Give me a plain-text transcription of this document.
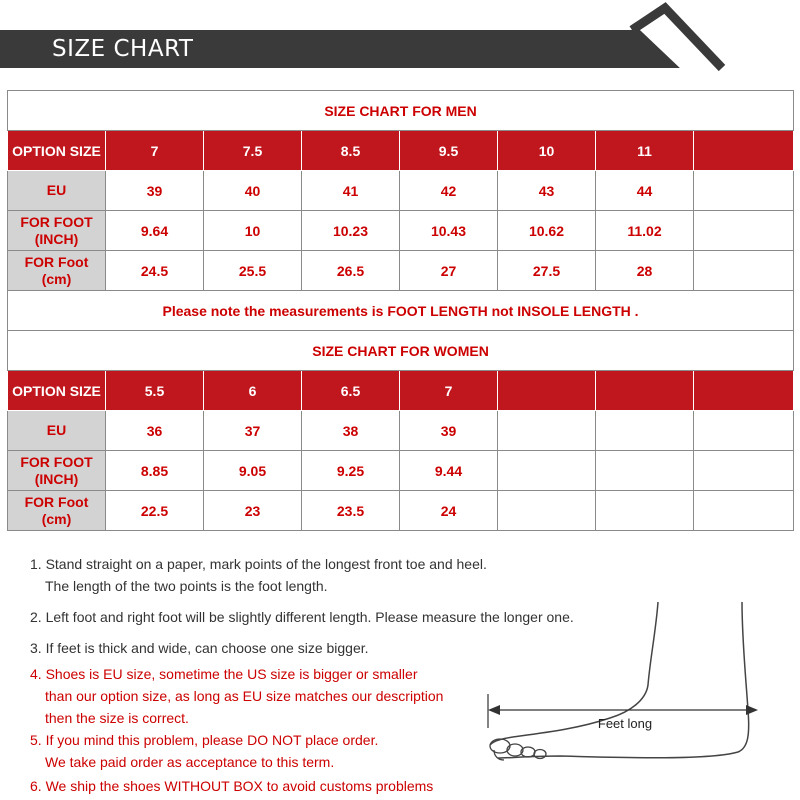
SIZE CHART
SIZE CHART FOR MEN							
OPTION SIZE	7	7.5	8.5	9.5	10	11	
EU	39	40	41	42	43	44	
FOR FOOT
(INCH)	9.64	10	10.23	10.43	10.62	11.02	
FOR Foot
(cm)	24.5	25.5	26.5	27	27.5	28	
Please note the measurements is FOOT LENGTH not INSOLE LENGTH .							
SIZE CHART FOR WOMEN							
OPTION SIZE	5.5	6	6.5	7			
EU	36	37	38	39			
FOR FOOT
(INCH)	8.85	9.05	9.25	9.44			
FOR Foot
(cm)	22.5	23	23.5	24			
1. Stand straight on a paper, mark points of the longest front toe and heel.
The length of the two points is the foot length.
2. Left foot and right foot will be slightly different length. Please measure the longer one.
3. If feet is thick and wide, can choose one size bigger.
4. Shoes is EU size, sometime the US size is bigger or smaller
than our option size, as long as EU size matches our description
then the size is correct.
5. If you mind this problem, please DO NOT place order.
We take paid order as acceptance to this term.
6. We ship the shoes WITHOUT BOX to avoid customs problems
Feet long
